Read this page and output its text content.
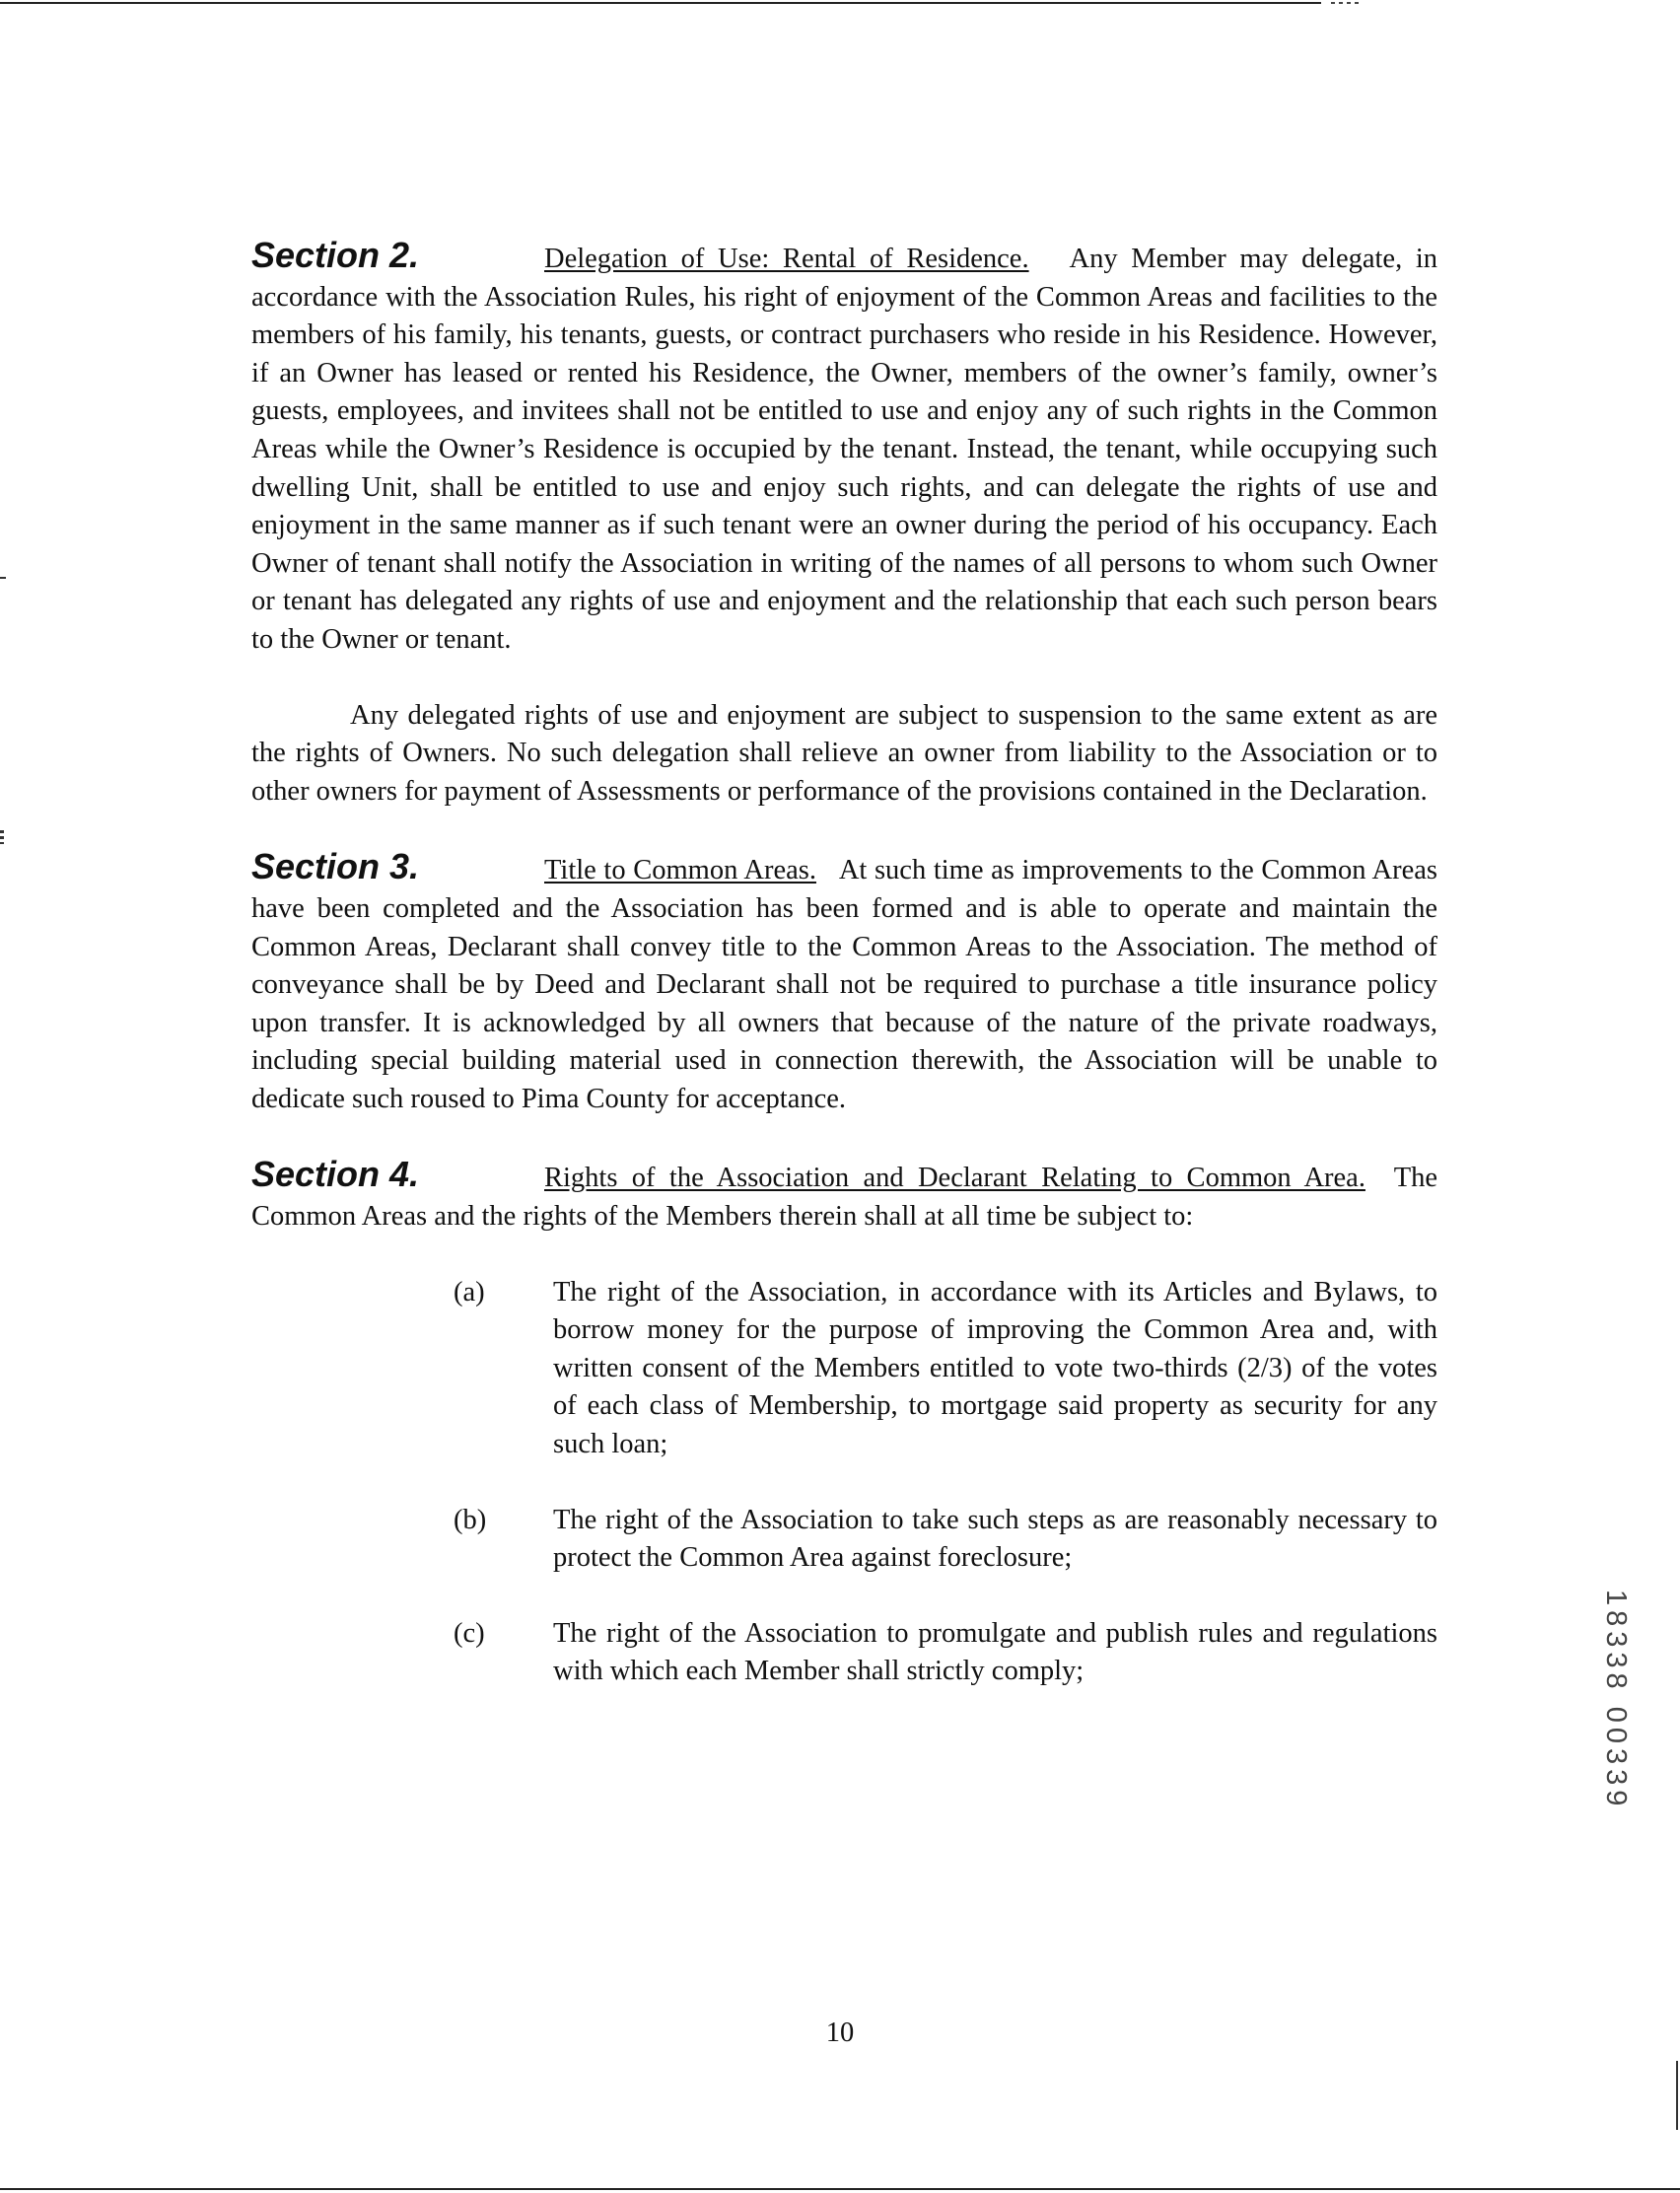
Section 2.	Delegation of Use: Rental of Residence. Any Member may delegate, in accordance with the Association Rules, his right of enjoyment of the Common Areas and facilities to the members of his family, his tenants, guests, or contract purchasers who reside in his Residence. However, if an Owner has leased or rented his Residence, the Owner, members of the owner’s family, owner’s guests, employees, and invitees shall not be entitled to use and enjoy any of such rights in the Common Areas while the Owner’s Residence is occupied by the tenant. Instead, the tenant, while occupying such dwelling Unit, shall be entitled to use and enjoy such rights, and can delegate the rights of use and enjoyment in the same manner as if such tenant were an owner during the period of his occupancy. Each Owner of tenant shall notify the Association in writing of the names of all persons to whom such Owner or tenant has delegated any rights of use and enjoyment and the relationship that each such person bears to the Owner or tenant.

Any delegated rights of use and enjoyment are subject to suspension to the same extent as are the rights of Owners. No such delegation shall relieve an owner from liability to the Association or to other owners for payment of Assessments or performance of the provisions contained in the Declaration.

Section 3.	Title to Common Areas. At such time as improvements to the Common Areas have been completed and the Association has been formed and is able to operate and maintain the Common Areas, Declarant shall convey title to the Common Areas to the Association. The method of conveyance shall be by Deed and Declarant shall not be required to purchase a title insurance policy upon transfer. It is acknowledged by all owners that because of the nature of the private roadways, including special building material used in connection therewith, the Association will be unable to dedicate such roused to Pima County for acceptance.

Section 4.	Rights of the Association and Declarant Relating to Common Area. The Common Areas and the rights of the Members therein shall at all time be subject to:

(a) The right of the Association, in accordance with its Articles and Bylaws, to borrow money for the purpose of improving the Common Area and, with written consent of the Members entitled to vote two-thirds (2/3) of the votes of each class of Membership, to mortgage said property as security for any such loan;

(b) The right of the Association to take such steps as are reasonably necessary to protect the Common Area against foreclosure;

(c) The right of the Association to promulgate and publish rules and regulations with which each Member shall strictly comply;

10
18338 00339
